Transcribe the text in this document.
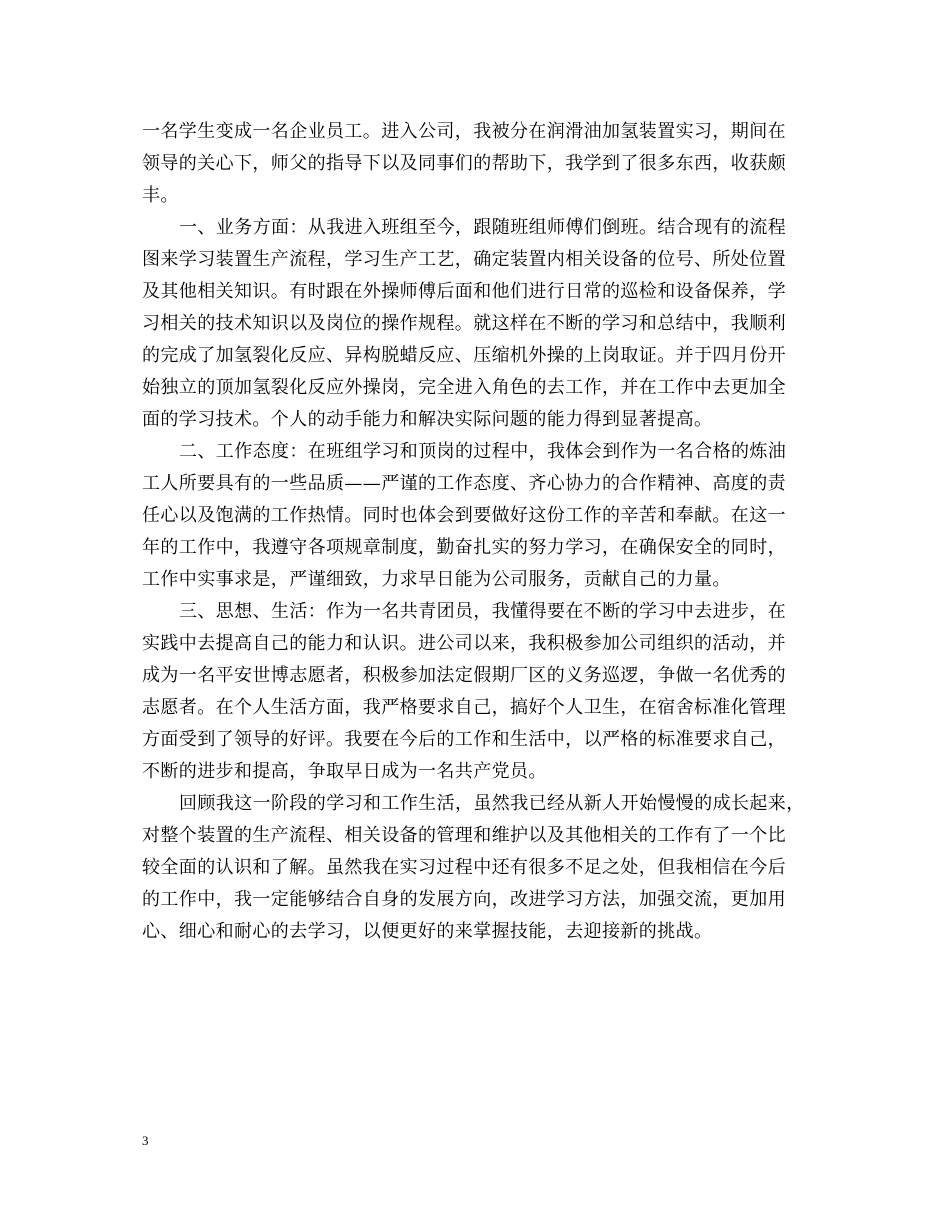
一名学生变成一名企业员工。进入公司，我被分在润滑油加氢装置实习，期间在
领导的关心下，师父的指导下以及同事们的帮助下，我学到了很多东西，收获颇
丰。
一、业务方面：从我进入班组至今，跟随班组师傅们倒班。结合现有的流程
图来学习装置生产流程，学习生产工艺，确定装置内相关设备的位号、所处位置
及其他相关知识。有时跟在外操师傅后面和他们进行日常的巡检和设备保养，学
习相关的技术知识以及岗位的操作规程。就这样在不断的学习和总结中，我顺利
的完成了加氢裂化反应、异构脱蜡反应、压缩机外操的上岗取证。并于四月份开
始独立的顶加氢裂化反应外操岗，完全进入角色的去工作，并在工作中去更加全
面的学习技术。个人的动手能力和解决实际问题的能力得到显著提高。
二、工作态度：在班组学习和顶岗的过程中，我体会到作为一名合格的炼油
工人所要具有的一些品质——严谨的工作态度、齐心协力的合作精神、高度的责
任心以及饱满的工作热情。同时也体会到要做好这份工作的辛苦和奉献。在这一
年的工作中，我遵守各项规章制度，勤奋扎实的努力学习，在确保安全的同时，
工作中实事求是，严谨细致，力求早日能为公司服务，贡献自己的力量。
三、思想、生活：作为一名共青团员，我懂得要在不断的学习中去进步，在
实践中去提高自己的能力和认识。进公司以来，我积极参加公司组织的活动，并
成为一名平安世博志愿者，积极参加法定假期厂区的义务巡逻，争做一名优秀的
志愿者。在个人生活方面，我严格要求自己，搞好个人卫生，在宿舍标准化管理
方面受到了领导的好评。我要在今后的工作和生活中，以严格的标准要求自己，
不断的进步和提高，争取早日成为一名共产党员。
回顾我这一阶段的学习和工作生活，虽然我已经从新人开始慢慢的成长起来，
对整个装置的生产流程、相关设备的管理和维护以及其他相关的工作有了一个比
较全面的认识和了解。虽然我在实习过程中还有很多不足之处，但我相信在今后
的工作中，我一定能够结合自身的发展方向，改进学习方法，加强交流，更加用
心、细心和耐心的去学习，以便更好的来掌握技能，去迎接新的挑战。
3
